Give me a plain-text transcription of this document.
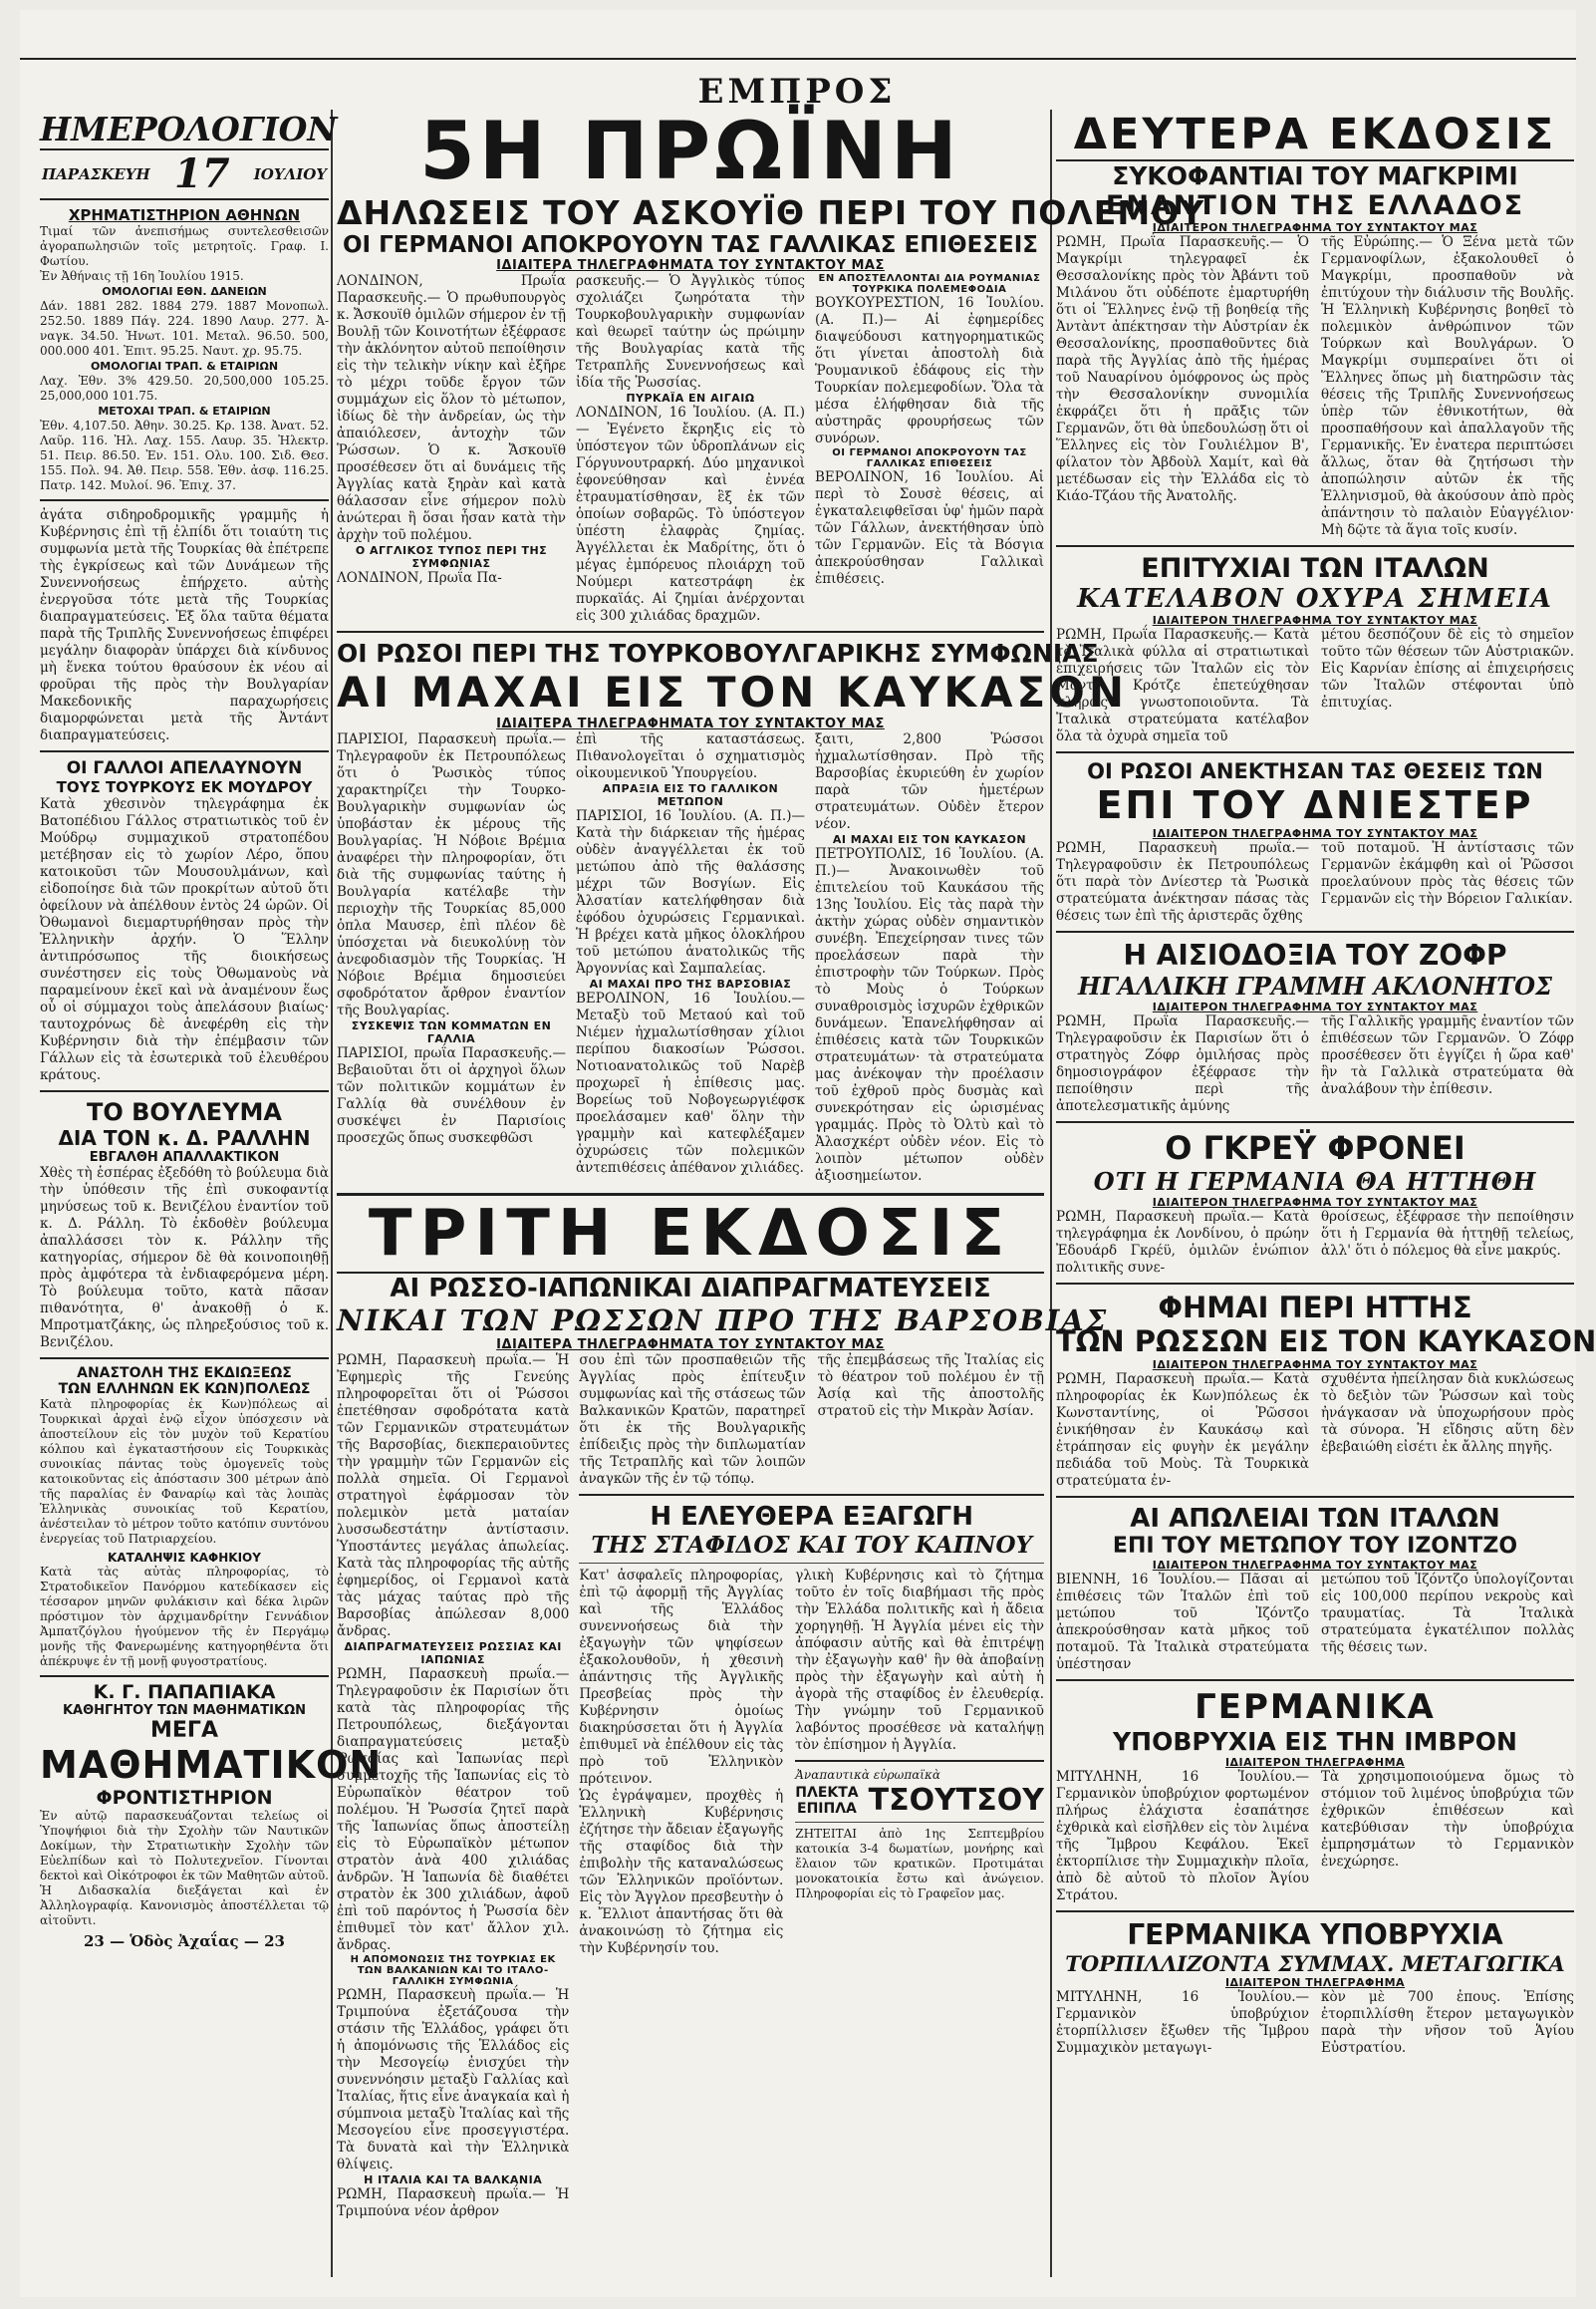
ΕΜΠΡΟΣ
ΗΜΕΡΟΛΟΓΙΟΝ
ΠΑΡΑΣΚΕΥΗ 17 ΙΟΥΛΙΟΥ
ΧΡΗΜΑΤΙΣΤΗΡΙΟΝ ΑΘΗΝΩΝ
Τιμαί τῶν ἀνεπισήμως συντελεσθεισῶν ἀγοραπωλησιῶν τοῖς μετρητοῖς. Γραφ. Ι. Φωτίου.
Ἐν Ἀθήναις τῇ 16η Ἰουλίου 1915.
ΟΜΟΛΟΓΙΑΙ ΕΘΝ. ΔΑΝΕΙΩΝ
Δάν. 1881 282. 1884 279. 1887 Μονοπωλ. 252.50. 1889 Πάγ. 224. 1890 Λαυρ. 277. Ἀ-ναγκ. 34.50. Ἠνωτ. 101. Μεταλ. 96.50. 500, 000.000 401. Ἐπιτ. 95.25. Ναυτ. χρ. 95.75.
ΟΜΟΛΟΓΙΑΙ ΤΡΑΠ. & ΕΤΑΙΡΙΩΝ
Λαχ. Ἐθν. 3% 429.50. 20,500,000 105.25. 25,000,000 101.75.
ΜΕΤΟΧΑΙ ΤΡΑΠ. & ΕΤΑΙΡΙΩΝ
Ἐθν. 4,107.50. Ἀθην. 30.25. Κρ. 138. Ἀνατ. 52. Λαῦρ. 116. Ἠλ. Λαχ. 155. Λαυρ. 35. Ἠλεκτρ. 51. Πειρ. 86.50. Ἐν. 151. Ολυ. 100. Σιδ. Θεσ. 155. Πολ. 94. Ἀθ. Πειρ. 558. Ἐθν. ἀσφ. 116.25. Πατρ. 142. Μυλοί. 96. Ἐπιχ. 37.
ἀγάτα σιδηροδρομικῆς γραμμῆς ἡ Κυβέρνησις ἐπὶ τῇ ἐλπίδι ὅτι τοιαύτη τις συμφωνία μετὰ τῆς Τουρκίας θὰ ἐπέτρεπε τὴς ἐγκρίσεως καὶ τῶν Δυνάμεων τῆς Συνεννοήσεως ἐπήρχετο. αὐτὴς ἐνεργοῦσα τότε μετὰ τῆς Τουρκίας διαπραγματεύσεις. Ἐξ ὅλα ταῦτα θέματα παρὰ τῆς Τριπλῆς Συνεννοήσεως ἐπιφέρει μεγάλην διαφορὰν ὑπάρχει διὰ κίνδυνος μὴ ἕνεκα τούτου θραύσουν ἐκ νέου αἱ φροῦραι τῆς πρὸς τὴν Βουλγαρίαν Μακεδονικῆς παραχωρήσεις διαμορφώνεται μετὰ τῆς Ἀντάντ διαπραγματεύσεις.
ΟΙ ΓΑΛΛΟΙ ΑΠΕΛΑΥΝΟΥΝ
ΤΟΥΣ ΤΟΥΡΚΟΥΣ ΕΚ ΜΟΥΔΡΟΥ
Κατὰ χθεσινὸν τηλεγράφημα ἐκ Βατοπέδιου Γάλλος στρατιωτικὸς τοῦ ἐν Μούδρῳ συμμαχικοῦ στρατοπέδου μετέβησαν εἰς τὸ χωρίον Λέρο, ὅπου κατοικοῦσι τῶν Μουσουλμάνων, καὶ εἰδοποίησε διὰ τῶν προκρίτων αὐτοῦ ὅτι ὀφείλουν νὰ ἀπέλθουν ἐντὸς 24 ὡρῶν. Οἱ Ὀθωμανοὶ διεμαρτυρήθησαν πρὸς τὴν Ἑλληνικὴν ἀρχήν. Ὁ Ἕλλην ἀντιπρόσωπος τῆς διοικήσεως συνέστησεν εἰς τοὺς Ὀθωμανοὺς νὰ παραμείνουν ἐκεῖ καὶ νὰ ἀναμένουν ἕως οὗ οἱ σύμμαχοι τοὺς ἀπελάσουν βιαίως· ταυτοχρόνως δὲ ἀνεφέρθη εἰς τὴν Κυβέρνησιν διὰ τὴν ἐπέμβασιν τῶν Γάλλων εἰς τὰ ἐσωτερικὰ τοῦ ἐλευθέρου κράτους.
ΤΟ ΒΟΥΛΕΥΜΑ
ΔΙΑ ΤΟΝ κ. Δ. ΡΑΛΛΗΝ
ΕΒΓΑΛΘΗ ΑΠΑΛΛΑΚΤΙΚΟΝ
Χθὲς τὴ ἑσπέρας ἐξεδόθη τὸ βούλευμα διὰ τὴν ὑπόθεσιν τῆς ἐπὶ συκοφαντίᾳ μηνύσεως τοῦ κ. Βενιζέλου ἐναντίον τοῦ κ. Δ. Ράλλη. Τὸ ἐκδοθὲν βούλευμα ἀπαλλάσσει τὸν κ. Ράλλην τῆς κατηγορίας, σήμερον δὲ θὰ κοινοποιηθῇ πρὸς ἀμφότερα τὰ ἐνδιαφερόμενα μέρη. Τὸ βούλευμα τοῦτο, κατὰ πᾶσαν πιθανότητα, θ' ἀνακοθῇ ὁ κ. Μπροτματζάκης, ὡς πληρεξούσιος τοῦ κ. Βενιζέλου.
ΑΝΑΣΤΟΛΗ ΤΗΣ ΕΚΔΙΩΞΕΩΣ
ΤΩΝ ΕΛΛΗΝΩΝ ΕΚ ΚΩΝ)ΠΟΛΕΩΣ
Κατὰ πληροφορίας ἐκ Κων)πόλεως αἱ Τουρκικαὶ ἀρχαὶ ἐνῷ εἶχον ὑπόσχεσιν νὰ ἀποστείλουν εἰς τὸν μυχὸν τοῦ Κερατίου κόλπου καὶ ἐγκαταστήσουν εἰς Τουρκικὰς συνοικίας πάντας τοὺς ὁμογενεῖς τοὺς κατοικοῦντας εἰς ἀπόστασιν 300 μέτρων ἀπὸ τῆς παραλίας ἐν Φαναρίῳ καὶ τὰς λοιπὰς Ἑλληνικὰς συνοικίας τοῦ Κερατίου, ἀνέστειλαν τὸ μέτρον τοῦτο κατόπιν συντόνου ἐνεργείας τοῦ Πατριαρχείου.
ΚΑΤΑΛΗΨΙΣ ΚΑΦΗΚΙΟΥ
Κατὰ τὰς αὐτὰς πληροφορίας, τὸ Στρατοδικεῖον Πανόρμου κατεδίκασεν εἰς τέσσαρον μηνῶν φυλάκισιν καὶ δέκα λιρῶν πρόστιμον τὸν ἀρχιμανδρίτην Γεννάδιον Ἀμπατζόγλου ἡγούμενον τῆς ἐν Περγάμῳ μονῆς τῆς Φανερωμένης κατηγορηθέντα ὅτι ἀπέκρυψε ἐν τῇ μονῇ φυγοστρατίους.
Κ. Γ. ΠΑΠΑΠΙΑΚΑ
ΚΑΘΗΓΗΤΟΥ ΤΩΝ ΜΑΘΗΜΑΤΙΚΩΝ
ΜΕΓΑ
ΜΑΘΗΜΑΤΙΚΟΝ
ΦΡΟΝΤΙΣΤΗΡΙΟΝ
Ἐν αὐτῷ παρασκευάζονται τελείως οἱ Ὑποψήφιοι διὰ τὴν Σχολὴν τῶν Ναυτικῶν Δοκίμων, τὴν Στρατιωτικὴν Σχολὴν τῶν Εὐελπίδων καὶ τὸ Πολυτεχνεῖον. Γίνονται δεκτοὶ καὶ Οἰκότροφοι ἐκ τῶν Μαθητῶν αὐτοῦ. Ἡ Διδασκαλία διεξάγεται καὶ ἐν Ἀλληλογραφίᾳ. Κανονισμὸς ἀποστέλλεται τῷ αἰτοῦντι.
23 — Ὁδὸς Ἀχαΐας — 23
5Η ΠΡΩΪΝΗ
ΔΗΛΩΣΕΙΣ ΤΟΥ ΑΣΚΟΥΪΘ ΠΕΡΙ ΤΟΥ ΠΟΛΕΜΟΥ
ΟΙ ΓΕΡΜΑΝΟΙ ΑΠΟΚΡΟΥΟΥΝ ΤΑΣ ΓΑΛΛΙΚΑΣ ΕΠΙΘΕΣΕΙΣ
ΙΔΙΑΙΤΕΡΑ ΤΗΛΕΓΡΑΦΗΜΑΤΑ ΤΟΥ ΣΥΝΤΑΚΤΟΥ ΜΑΣ
ΛΟΝΔΙΝΟΝ, Πρωΐα Παρασκευῆς.— Ὁ πρωθυπουργὸς κ. Ἄσκουϊθ ὁμιλῶν σήμερον ἐν τῇ Βουλῇ τῶν Κοινοτήτων ἐξέφρασε τὴν ἀκλόνητον αὐτοῦ πεποίθησιν εἰς τὴν τελικὴν νίκην καὶ ἐξῆρε τὸ μέχρι τοῦδε ἔργον τῶν συμμάχων εἰς ὅλον τὸ μέτωπον, ἰδίως δὲ τὴν ἀνδρείαν, ὡς τὴν ἀπαιόλεσεν, ἀντοχὴν τῶν Ῥώσσων. Ὁ κ. Ἄσκουϊθ προσέθεσεν ὅτι αἱ δυνάμεις τῆς Ἀγγλίας κατὰ ξηρὰν καὶ κατὰ θάλασσαν εἶνε σήμερον πολὺ ἀνώτεραι ἢ ὅσαι ἦσαν κατὰ τὴν ἀρχὴν τοῦ πολέμου.
Ο ΑΓΓΛΙΚΟΣ ΤΥΠΟΣ ΠΕΡΙ ΤΗΣ ΣΥΜΦΩΝΙΑΣ
ΛΟΝΔΙΝΟΝ, Πρωΐα Πα-
ρασκευῆς.— Ὁ Ἀγγλικὸς τύπος σχολιάζει ζωηρότατα τὴν Τουρκοβουλγαρικὴν συμφωνίαν καὶ θεωρεῖ ταύτην ὡς πρώιμην τῆς Βουλγαρίας κατὰ τῆς Τετραπλῆς Συνεννοήσεως καὶ ἰδία τῆς Ῥωσσίας.
ΠΥΡΚΑΪΑ ΕΝ ΑΙΓΑΙΩ
ΛΟΝΔΙΝΟΝ, 16 Ἰουλίου. (Α. Π.)— Ἐγένετο ἔκρηξις εἰς τὸ ὑπόστεγον τῶν ὑδροπλάνων εἰς Γόργυνουτραρκή. Δύο μηχανικοὶ ἐφονεύθησαν καὶ ἐννέα ἐτραυματίσθησαν, ἓξ ἐκ τῶν ὁποίων σοβαρῶς. Τὸ ὑπόστεγον ὑπέστη ἐλαφρὰς ζημίας. Ἀγγέλλεται ἐκ Μαδρίτης, ὅτι ὁ μέγας ἐμπόρευος πλοιάρχη τοῦ Νούμερι κατεστράφη ἐκ πυρκαϊάς. Αἱ ζημίαι ἀνέρχονται εἰς 300 χιλιάδας δραχμῶν.
ΕΝ ΑΠΟΣΤΕΛΛΟΝΤΑΙ ΔΙΑ ΡΟΥΜΑΝΙΑΣ ΤΟΥΡΚΙΚΑ ΠΟΛΕΜΕΦΟΔΙΑ
ΒΟΥΚΟΥΡΕΣΤΙΟΝ, 16 Ἰουλίου. (Α. Π.)— Αἱ ἐφημερίδες διαψεύδουσι κατηγορηματικῶς ὅτι γίνεται ἀποστολὴ διὰ Ῥουμανικοῦ ἐδάφους εἰς τὴν Τουρκίαν πολεμεφοδίων. Ὅλα τὰ μέσα ἐλήφθησαν διὰ τῆς αὐστηρᾶς φρουρήσεως τῶν συνόρων.
ΟΙ ΓΕΡΜΑΝΟΙ ΑΠΟΚΡΟΥΟΥΝ ΤΑΣ ΓΑΛΛΙΚΑΣ ΕΠΙΘΕΣΕΙΣ
ΒΕΡΟΛΙΝΟΝ, 16 Ἰουλίου. Αἱ περὶ τὸ Σουσὲ θέσεις, αἱ ἐγκαταλειφθεῖσαι ὑφ' ἡμῶν παρὰ τῶν Γάλλων, ἀνεκτήθησαν ὑπὸ τῶν Γερμανῶν. Εἰς τὰ Βόσγια ἀπεκρούσθησαν Γαλλικαὶ ἐπιθέσεις.
ΟΙ ΡΩΣΟΙ ΠΕΡΙ ΤΗΣ ΤΟΥΡΚΟΒΟΥΛΓΑΡΙΚΗΣ ΣΥΜΦΩΝΙΑΣ
ΑΙ ΜΑΧΑΙ ΕΙΣ ΤΟΝ ΚΑΥΚΑΣΟΝ
ΙΔΙΑΙΤΕΡΑ ΤΗΛΕΓΡΑΦΗΜΑΤΑ ΤΟΥ ΣΥΝΤΑΚΤΟΥ ΜΑΣ
ΠΑΡΙΣΙΟΙ, Παρασκευὴ πρωΐα.— Τηλεγραφοῦν ἐκ Πετρουπόλεως ὅτι ὁ Ῥωσικὸς τύπος χαρακτηρίζει τὴν Τουρκο-Βουλγαρικὴν συμφωνίαν ὡς ὑποβάσταν ἐκ μέρους τῆς Βουλγαρίας. Ἡ Νόβοιε Βρέμια ἀναφέρει τὴν πληροφορίαν, ὅτι διὰ τῆς συμφωνίας ταύτης ἡ Βουλγαρία κατέλαβε τὴν περιοχὴν τῆς Τουρκίας 85,000 ὁπλα Μαυσερ, ἐπὶ πλέον δὲ ὑπόσχεται νὰ διευκολύνῃ τὸν ἀνεφοδιασμὸν τῆς Τουρκίας. Ἡ Νόβοιε Βρέμια δημοσιεύει σφοδρότατον ἄρθρον ἐναντίον τῆς Βουλγαρίας.
ΣΥΣΚΕΨΙΣ ΤΩΝ ΚΟΜΜΑΤΩΝ ΕΝ ΓΑΛΛΙΑ
ΠΑΡΙΣΙΟΙ, πρωΐα Παρασκευῆς.— Βεβαιοῦται ὅτι οἱ ἀρχηγοὶ ὅλων τῶν πολιτικῶν κομμάτων ἐν Γαλλίᾳ θὰ συνέλθουν ἐν συσκέψει ἐν Παρισίοις προσεχῶς ὅπως συσκεφθῶσι
ἐπὶ τῆς καταστάσεως. Πιθανολογεῖται ὁ σχηματισμὸς οἰκουμενικοῦ Ὑπουργείου.
ΑΠΡΑΞΙΑ ΕΙΣ ΤΟ ΓΑΛΛΙΚΟΝ ΜΕΤΩΠΟΝ
ΠΑΡΙΣΙΟΙ, 16 Ἰουλίου. (Α. Π.)— Κατὰ τὴν διάρκειαν τῆς ἡμέρας οὐδὲν ἀναγγέλλεται ἐκ τοῦ μετώπου ἀπὸ τῆς θαλάσσης μέχρι τῶν Βοσγίων. Εἰς Ἀλσατίαν κατελήφθησαν διὰ ἐφόδου ὀχυρώσεις Γερμανικαὶ. Ἡ βρέχει κατὰ μῆκος ὁλοκλήρου τοῦ μετώπου ἀνατολικῶς τῆς Ἀργοννίας καὶ Σαμπαλείας.
ΑΙ ΜΑΧΑΙ ΠΡΟ ΤΗΣ ΒΑΡΣΟΒΙΑΣ
ΒΕΡΟΛΙΝΟΝ, 16 Ἰουλίου.— Μεταξὺ τοῦ Μεταού καὶ τοῦ Νιέμεν ἠχμαλωτίσθησαν χίλιοι περίπου διακοσίων Ῥώσσοι. Νοτιοανατολικῶς τοῦ Ναρὲβ προχωρεῖ ἡ ἐπίθεσις μας. Βορείως τοῦ Νοβογεωργιέφσκ προελάσαμεν καθ' ὅλην τὴν γραμμὴν καὶ κατεφλέξαμεν ὀχυρώσεις τῶν πολεμικῶν ἀντεπιθέσεις ἀπέθανον χιλιάδες.
ξαιτι, 2,800 Ῥώσσοι ἠχμαλωτίσθησαν. Πρὸ τῆς Βαρσοβίας ἐκυριεύθη ἐν χωρίον παρὰ τῶν ἡμετέρων στρατευμάτων. Οὐδὲν ἔτερον νέον.
ΑΙ ΜΑΧΑΙ ΕΙΣ ΤΟΝ ΚΑΥΚΑΣΟΝ
ΠΕΤΡΟΥΠΟΛΙΣ, 16 Ἰουλίου. (Α. Π.)— Ἀνακοινωθὲν τοῦ ἐπιτελείου τοῦ Καυκάσου τῆς 13ης Ἰουλίου. Εἰς τὰς παρὰ τὴν ἀκτὴν χώρας οὐδὲν σημαντικὸν συνέβη. Ἐπεχείρησαν τινες τῶν προελάσεων παρὰ τὴν ἐπιστροφὴν τῶν Τούρκων. Πρὸς τὸ Μοὺς ὁ Τούρκων συναθροισμὸς ἰσχυρῶν ἐχθρικῶν δυνάμεων. Ἐπανελήφθησαν αἱ ἐπιθέσεις κατὰ τῶν Τουρκικῶν στρατευμάτων· τὰ στρατεύματα μας ἀνέκοψαν τὴν προέλασιν τοῦ ἐχθροῦ πρὸς δυσμὰς καὶ συνεκρότησαν εἰς ὡρισμένας γραμμάς. Πρὸς τὸ Ὀλτὺ καὶ τὸ Ἀλασχκέρτ οὐδὲν νέον. Εἰς τὸ λοιπὸν μέτωπον οὐδὲν ἀξιοσημείωτον.
ΤΡΙΤΗ ΕΚΔΟΣΙΣ
ΑΙ ΡΩΣΣΟ-ΙΑΠΩΝΙΚΑΙ ΔΙΑΠΡΑΓΜΑΤΕΥΣΕΙΣ
ΝΙΚΑΙ ΤΩΝ ΡΩΣΣΩΝ ΠΡΟ ΤΗΣ ΒΑΡΣΟΒΙΑΣ
ΙΔΙΑΙΤΕΡΑ ΤΗΛΕΓΡΑΦΗΜΑΤΑ ΤΟΥ ΣΥΝΤΑΚΤΟΥ ΜΑΣ
ΡΩΜΗ, Παρασκευὴ πρωΐα.— Ἡ Ἐφημερὶς τῆς Γενεύης πληροφορεῖται ὅτι οἱ Ῥώσσοι ἐπετέθησαν σφοδρότατα κατὰ τῶν Γερμανικῶν στρατευμάτων τῆς Βαρσοβίας, διεκπεραιοῦντες τὴν γραμμὴν τῶν Γερμανῶν εἰς πολλὰ σημεῖα. Οἱ Γερμανοὶ στρατηγοὶ ἐφάρμοσαν τὸν πολεμικὸν μετὰ ματαίαν λυσσωδεστάτην ἀντίστασιν. Ὑποστάντες μεγάλας ἀπωλείας. Κατὰ τὰς πληροφορίας τῆς αὐτῆς ἐφημερίδος, οἱ Γερμανοὶ κατὰ τὰς μάχας ταύτας πρὸ τῆς Βαρσοβίας ἀπώλεσαν 8,000 ἄνδρας.
ΔΙΑΠΡΑΓΜΑΤΕΥΣΕΙΣ ΡΩΣΣΙΑΣ ΚΑΙ ΙΑΠΩΝΙΑΣ
ΡΩΜΗ, Παρασκευὴ πρωΐα.— Τηλεγραφοῦσιν ἐκ Παρισίων ὅτι κατὰ τὰς πληροφορίας τῆς Πετρουπόλεως, διεξάγονται διαπραγματεύσεις μεταξὺ Ῥωσσίας καὶ Ἰαπωνίας περὶ συμμετοχῆς τῆς Ἰαπωνίας εἰς τὸ Εὐρωπαϊκὸν θέατρον τοῦ πολέμου. Ἡ Ῥωσσία ζητεῖ παρὰ τῆς Ἰαπωνίας ὅπως ἀποστείλῃ εἰς τὸ Εὐρωπαϊκὸν μέτωπον στρατὸν ἀνὰ 400 χιλιάδας ἀνδρῶν. Ἡ Ἰαπωνία δὲ διαθέτει στρατὸν ἐκ 300 χιλιάδων, ἀφοῦ ἐπὶ τοῦ παρόντος ἡ Ῥωσσία δὲν ἐπιθυμεῖ τὸν κατ' ἄλλον χιλ. ἄνδρας.
Η ΑΠΟΜΟΝΩΣΙΣ ΤΗΣ ΤΟΥΡΚΙΑΣ ΕΚ ΤΩΝ ΒΑΛΚΑΝΙΩΝ ΚΑΙ ΤΟ ΙΤΑΛΟ-ΓΑΛΛΙΚΗ ΣΥΜΦΩΝΙΑ
ΡΩΜΗ, Παρασκευὴ πρωΐα.— Ἡ Τριμπούνα ἐξετάζουσα τὴν στάσιν τῆς Ἑλλάδος, γράφει ὅτι ἡ ἀπομόνωσις τῆς Ἑλλάδος εἰς τὴν Μεσογείῳ ἐνισχύει τὴν συνεννόησιν μεταξὺ Γαλλίας καὶ Ἰταλίας, ἥτις εἶνε ἀναγκαία καὶ ἡ σύμπνοια μεταξὺ Ἰταλίας καὶ τῆς Μεσογείου εἶνε προσεγγιστέρα. Τὰ δυνατὰ καὶ τὴν Ἑλληνικὰ θλίψεις.
Η ΙΤΑΛΙΑ ΚΑΙ ΤΑ ΒΑΛΚΑΝΙΑ
ΡΩΜΗ, Παρασκευὴ πρωΐα.— Ἡ Τριμπούνα νέον ἀρθρον
σου ἐπὶ τῶν προσπαθειῶν τῆς Ἀγγλίας πρὸς ἐπίτευξιν συμφωνίας καὶ τῆς στάσεως τῶν Βαλκανικῶν Κρατῶν, παρατηρεῖ ὅτι ἐκ τῆς Βουλγαρικῆς ἐπίδειξις πρὸς τὴν διπλωματίαν τῆς Τετραπλῆς καὶ τῶν λοιπῶν ἀναγκῶν τῆς ἐν τῷ τόπῳ.
τῆς ἐπεμβάσεως τῆς Ἰταλίας εἰς τὸ θέατρον τοῦ πολέμου ἐν τῇ Ἀσίᾳ καὶ τῆς ἀποστολῆς στρατοῦ εἰς τὴν Μικρὰν Ἀσίαν.
Η ΕΛΕΥΘΕΡΑ ΕΞΑΓΩΓΗ
ΤΗΣ ΣΤΑΦΙΔΟΣ ΚΑΙ ΤΟΥ ΚΑΠΝΟΥ
Κατ' ἀσφαλεῖς πληροφορίας, ἐπὶ τῷ ἀφορμῇ τῆς Ἀγγλίας καὶ τῆς Ἑλλάδος συνεννοήσεως διὰ τὴν ἐξαγωγὴν τῶν ψηφίσεων ἐξακολουθοῦν, ἡ χθεσινὴ ἀπάντησις τῆς Ἀγγλικῆς Πρεσβείας πρὸς τὴν Κυβέρνησιν ὁμοίως διακηρύσσεται ὅτι ἡ Ἀγγλία ἐπιθυμεῖ νὰ ἐπέλθουν εἰς τὰς πρὸ τοῦ Ἑλληνικὸν πρότεινον.
Ὡς ἐγράψαμεν, προχθὲς ἡ Ἑλληνικὴ Κυβέρνησις ἐζήτησε τὴν ἄδειαν ἐξαγωγῆς τῆς σταφίδος διὰ τὴν ἐπιβολὴν τῆς καταναλώσεως τῶν Ἑλληνικῶν προϊόντων. Εἰς τὸν Ἄγγλον πρεσβευτὴν ὁ κ. Ἔλλιοτ ἀπαντήσας ὅτι θὰ ἀνακοινώσῃ τὸ ζήτημα εἰς τὴν Κυβέρνησίν του.
γλικὴ Κυβέρνησις καὶ τὸ ζήτημα τοῦτο ἐν τοῖς διαβήμασι τῆς πρὸς τὴν Ἑλλάδα πολιτικῆς καὶ ἡ ἄδεια χορηγηθῇ. Ἡ Ἀγγλία μένει εἰς τὴν ἀπόφασιν αὐτῆς καὶ θὰ ἐπιτρέψῃ τὴν ἐξαγωγὴν καθ' ἣν θὰ ἀποβαίνῃ πρὸς τὴν ἐξαγωγὴν καὶ αὐτὴ ἡ ἀγορὰ τῆς σταφίδος ἐν ἐλευθερίᾳ. Τὴν γνώμην τοῦ Γερμανικοῦ λαβόντος προσέθεσε νὰ καταλήψῃ τὸν ἐπίσημον ἡ Ἀγγλία.
Ἀναπαυτικὰ εὐρωπαϊκὰ
ΠΛΕΚΤΑ ΕΠΙΠΛΑ ΤΣΟΥΤΣΟΥ
ΖΗΤΕΙΤΑΙ ἀπὸ 1ης Σεπτεμβρίου κατοικία 3-4 δωματίων, μονήρης καὶ ἔλαιον τῶν κρατικῶν. Προτιμάται μονοκατοικία ἔστω καὶ ἀνώγειον. Πληροφορίαι εἰς τὸ Γραφεῖον μας.
ΔΕΥΤΕΡΑ ΕΚΔΟΣΙΣ
ΣΥΚΟΦΑΝΤΙΑΙ ΤΟΥ ΜΑΓΚΡΙΜΙ
ΕΝΑΝΤΙΟΝ ΤΗΣ ΕΛΛΑΔΟΣ
ΙΔΙΑΙΤΕΡΟΝ ΤΗΛΕΓΡΑΦΗΜΑ ΤΟΥ ΣΥΝΤΑΚΤΟΥ ΜΑΣ
ΡΩΜΗ, Πρωΐα Παρασκευῆς.— Ὁ Μαγκρίμι τηλεγραφεῖ ἐκ Θεσσαλονίκης πρὸς τὸν Ἀβάντι τοῦ Μιλάνου ὅτι οὐδέποτε ἐμαρτυρήθη ὅτι οἱ Ἕλληνες ἐνῷ τῇ βοηθείᾳ τῆς Ἀντὰντ ἀπέκτησαν τὴν Αὐστρίαν ἐκ Θεσσαλονίκης, προσπαθοῦντες διὰ παρὰ τῆς Ἀγγλίας ἀπὸ τῆς ἡμέρας τοῦ Ναυαρίνου ὁμόφρονος ὡς πρὸς τὴν Θεσσαλονίκην συνομιλία ἐκφράζει ὅτι ἡ πρᾶξις τῶν Γερμανῶν, ὅτι θὰ ὑπεδουλώσῃ ὅτι οἱ Ἕλληνες εἰς τὸν Γουλιέλμον Β', φίλατον τὸν Ἀβδοὺλ Χαμίτ, καὶ θὰ μετέδωσαν εἰς τὴν Ἑλλάδα εἰς τὸ Κιάο-Τζάου τῆς Ἀνατολῆς.
τῆς Εὐρώπης.— Ὁ Ξένα μετὰ τῶν Γερμανοφίλων, ἐξακολουθεῖ ὁ Μαγκρίμι, προσπαθοῦν νὰ ἐπιτύχουν τὴν διάλυσιν τῆς Βουλῆς. Ἡ Ἑλληνικὴ Κυβέρνησις βοηθεῖ τὸ πολεμικὸν ἀνθρώπινον τῶν Τούρκων καὶ Βουλγάρων. Ὁ Μαγκρίμι συμπεραίνει ὅτι οἱ Ἕλληνες ὅπως μὴ διατηρῶσιν τὰς θέσεις τῆς Τριπλῆς Συνεννοήσεως ὑπὲρ τῶν ἐθνικοτήτων, θὰ προσπαθήσουν καὶ ἀπαλλαγοῦν τῆς Γερμανικῆς. Ἐν ἐνατερα περιπτώσει ἄλλως, ὅταν θὰ ζητήσωσι τὴν ἀποπώλησιν αὐτῶν ἐκ τῆς Ἑλληνισμοῦ, θὰ ἀκούσουν ἀπὸ πρὸς ἀπάντησιν τὸ παλαιὸν Εὐαγγέλιον· Μὴ δῷτε τὰ ἅγια τοῖς κυσίν.
ΕΠΙΤΥΧΙΑΙ ΤΩΝ ΙΤΑΛΩΝ
ΚΑΤΕΛΑΒΟΝ ΟΧΥΡΑ ΣΗΜΕΙΑ
ΙΔΙΑΙΤΕΡΟΝ ΤΗΛΕΓΡΑΦΗΜΑ ΤΟΥ ΣΥΝΤΑΚΤΟΥ ΜΑΣ
ΡΩΜΗ, Πρωΐα Παρασκευῆς.— Κατὰ τὸ Ἰταλικὰ φύλλα αἱ στρατιωτικαὶ ἐπιχειρήσεις τῶν Ἰταλῶν εἰς τὸν Μόντε Κρότζε ἐπετεύχθησαν πλήρως γνωστοποιοῦντα. Τὰ Ἰταλικὰ στρατεύματα κατέλαβον ὅλα τὰ ὀχυρὰ σημεῖα τοῦ
μέτου δεσπόζουν δὲ εἰς τὸ σημεῖον τοῦτο τῶν θέσεων τῶν Αὐστριακῶν. Εἰς Καρνίαν ἐπίσης αἱ ἐπιχειρήσεις τῶν Ἰταλῶν στέφονται ὑπὸ ἐπιτυχίας.
ΟΙ ΡΩΣΟΙ ΑΝΕΚΤΗΣΑΝ ΤΑΣ ΘΕΣΕΙΣ ΤΩΝ
ΕΠΙ ΤΟΥ ΔΝΙΕΣΤΕΡ
ΙΔΙΑΙΤΕΡΟΝ ΤΗΛΕΓΡΑΦΗΜΑ ΤΟΥ ΣΥΝΤΑΚΤΟΥ ΜΑΣ
ΡΩΜΗ, Παρασκευὴ πρωΐα.— Τηλεγραφοῦσιν ἐκ Πετρουπόλεως ὅτι παρὰ τὸν Δνίεστερ τὰ Ῥωσικὰ στρατεύματα ἀνέκτησαν πάσας τὰς θέσεις των ἐπὶ τῆς ἀριστερᾶς ὄχθης
τοῦ ποταμοῦ. Ἡ ἀντίστασις τῶν Γερμανῶν ἐκάμφθη καὶ οἱ Ῥῶσσοι προελαύνουν πρὸς τὰς θέσεις τῶν Γερμανῶν εἰς τὴν Βόρειον Γαλικίαν.
Η ΑΙΣΙΟΔΟΞΙΑ ΤΟΥ ΖΟΦΡ
ΗΓΑΛΛΙΚΗ ΓΡΑΜΜΗ ΑΚΛΟΝΗΤΟΣ
ΙΔΙΑΙΤΕΡΟΝ ΤΗΛΕΓΡΑΦΗΜΑ ΤΟΥ ΣΥΝΤΑΚΤΟΥ ΜΑΣ
ΡΩΜΗ, Πρωΐα Παρασκευῆς.— Τηλεγραφοῦσιν ἐκ Παρισίων ὅτι ὁ στρατηγὸς Ζόφρ ὁμιλήσας πρὸς δημοσιογράφον ἐξέφρασε τὴν πεποίθησιν περὶ τῆς ἀποτελεσματικῆς ἀμύνης
τῆς Γαλλικῆς γραμμῆς ἐναντίον τῶν ἐπιθέσεων τῶν Γερμανῶν. Ὁ Ζόφρ προσέθεσεν ὅτι ἐγγίζει ἡ ὥρα καθ' ἣν τὰ Γαλλικὰ στρατεύματα θὰ ἀναλάβουν τὴν ἐπίθεσιν.
Ο ΓΚΡΕΫ ΦΡΟΝΕΙ
ΟΤΙ Η ΓΕΡΜΑΝΙΑ ΘΑ ΗΤΤΗΘΗ
ΙΔΙΑΙΤΕΡΟΝ ΤΗΛΕΓΡΑΦΗΜΑ ΤΟΥ ΣΥΝΤΑΚΤΟΥ ΜΑΣ
ΡΩΜΗ, Παρασκευὴ πρωΐα.— Κατὰ τηλεγράφημα ἐκ Λονδίνου, ὁ πρώην Ἐδουάρδ Γκρέϋ, ὁμιλῶν ἐνώπιον πολιτικῆς συνε-
θροίσεως, ἐξέφρασε τὴν πεποίθησιν ὅτι ἡ Γερμανία θὰ ἡττηθῇ τελείως, ἀλλ' ὅτι ὁ πόλεμος θὰ εἶνε μακρύς.
ΦΗΜΑΙ ΠΕΡΙ ΗΤΤΗΣ
ΤΩΝ ΡΩΣΣΩΝ ΕΙΣ ΤΟΝ ΚΑΥΚΑΣΟΝ
ΙΔΙΑΙΤΕΡΟΝ ΤΗΛΕΓΡΑΦΗΜΑ ΤΟΥ ΣΥΝΤΑΚΤΟΥ ΜΑΣ
ΡΩΜΗ, Παρασκευὴ πρωΐα.— Κατὰ πληροφορίας ἐκ Κων)πόλεως ἐκ Κωνσταντίνης, οἱ Ῥῶσσοι ἐνικήθησαν ἐν Καυκάσῳ καὶ ἐτράπησαν εἰς φυγὴν ἐκ μεγάλην πεδιάδα τοῦ Μοὺς. Τὰ Τουρκικὰ στρατεύματα ἐν-
σχυθέντα ἠπείλησαν διὰ κυκλώσεως τὸ δεξιὸν τῶν Ῥώσσων καὶ τοὺς ἠνάγκασαν νὰ ὑποχωρήσουν πρὸς τὰ σύνορα. Ἡ εἴδησις αὕτη δὲν ἐβεβαιώθη εἰσέτι ἐκ ἄλλης πηγῆς.
ΑΙ ΑΠΩΛΕΙΑΙ ΤΩΝ ΙΤΑΛΩΝ
ΕΠΙ ΤΟΥ ΜΕΤΩΠΟΥ ΤΟΥ ΙΖΟΝΤΖΟ
ΙΔΙΑΙΤΕΡΟΝ ΤΗΛΕΓΡΑΦΗΜΑ ΤΟΥ ΣΥΝΤΑΚΤΟΥ ΜΑΣ
ΒΙΕΝΝΗ, 16 Ἰουλίου.— Πᾶσαι αἱ ἐπιθέσεις τῶν Ἰταλῶν ἐπὶ τοῦ μετώπου τοῦ Ἰζόντζο ἀπεκρούσθησαν κατὰ μῆκος τοῦ ποταμοῦ. Τὰ Ἰταλικὰ στρατεύματα ὑπέστησαν
μετώπου τοῦ Ἰζόντζο ὑπολογίζονται εἰς 100,000 περίπου νεκροὺς καὶ τραυματίας. Τὰ Ἰταλικὰ στρατεύματα ἐγκατέλιπον πολλὰς τῆς θέσεις των.
ΓΕΡΜΑΝΙΚΑ
ΥΠΟΒΡΥΧΙΑ ΕΙΣ ΤΗΝ ΙΜΒΡΟΝ
ΙΔΙΑΙΤΕΡΟΝ ΤΗΛΕΓΡΑΦΗΜΑ
ΜΙΤΥΛΗΝΗ, 16 Ἰουλίου.— Γερμανικὸν ὑποβρύχιον φορτωμένον πλήρως ἐλάχιστα ἐσαπάτησε ἐχθρικὰ καὶ εἰσῆλθεν εἰς τὸν λιμένα τῆς Ἴμβρου Κεφάλου. Ἐκεῖ ἐκτορπίλισε τὴν Συμμαχικὴν πλοῖα, ἀπὸ δὲ αὐτοῦ τὸ πλοῖον Ἀγίου Στράτου.
Τὰ χρησιμοποιούμενα ὅμως τὸ στόμιον τοῦ λιμένος ὑποβρύχια τῶν ἐχθρικῶν ἐπιθέσεων καὶ κατεβύθισαν τὴν ὑποβρύχια ἐμπρησμάτων τὸ Γερμανικὸν ἐνεχώρησε.
ΓΕΡΜΑΝΙΚΑ ΥΠΟΒΡΥΧΙΑ
ΤΟΡΠΙΛΛΙΖΟΝΤΑ ΣΥΜΜΑΧ. ΜΕΤΑΓΩΓΙΚΑ
ΙΔΙΑΙΤΕΡΟΝ ΤΗΛΕΓΡΑΦΗΜΑ
ΜΙΤΥΛΗΝΗ, 16 Ἰουλίου.— Γερμανικὸν ὑποβρύχιον ἐτορπίλλισεν ἔξωθεν τῆς Ἴμβρου Συμμαχικὸν μεταγωγι-
κὸν μὲ 700 ἐπους. Ἐπίσης ἐτορπιλλίσθη ἕτερον μεταγωγικὸν παρὰ τὴν νῆσον τοῦ Ἁγίου Εὐστρατίου.
